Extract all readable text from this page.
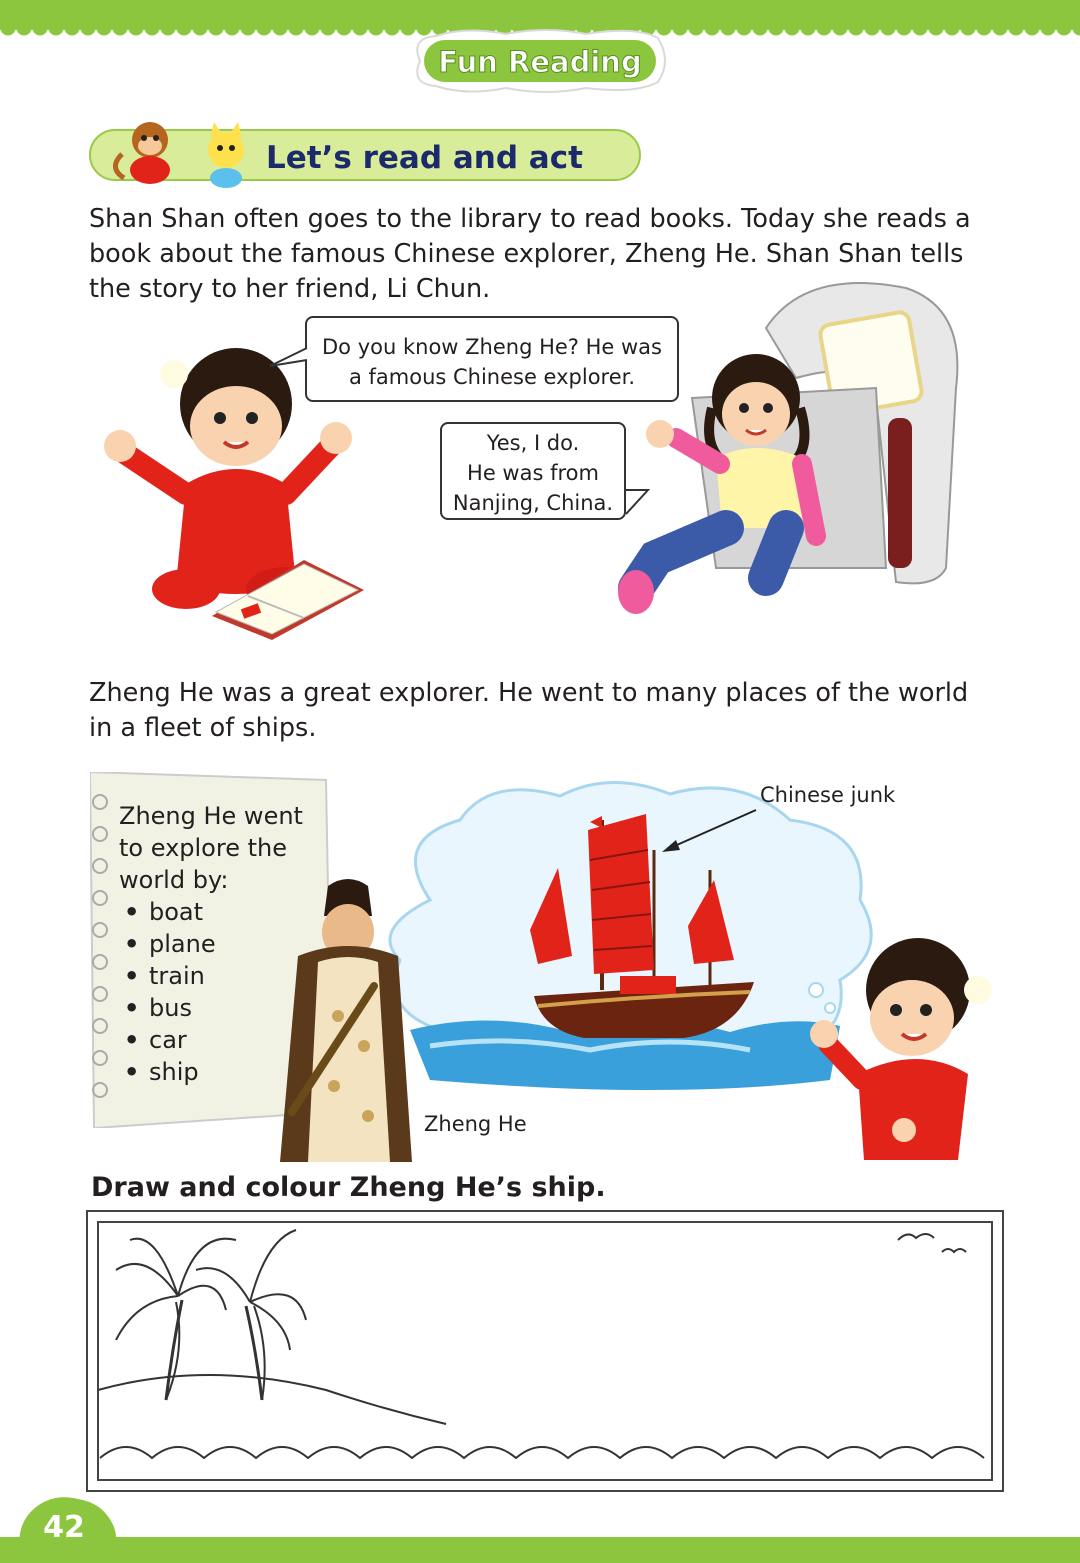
Fun Reading
Let’s read and act

Shan Shan often goes to the library to read books. Today she reads a book about the famous Chinese explorer, Zheng He. Shan Shan tells the story to her friend, Li Chun.

Do you know Zheng He? He was
a famous Chinese explorer.
Yes, I do.
He was from
Nanjing, China.

Zheng He was a great explorer. He went to many places of the world in a fleet of ships.

Zheng He went
to explore the
world by:
• boat
• plane
• train
• bus
• car
• ship
Chinese junk
Zheng He

Draw and colour Zheng He’s ship.

42
